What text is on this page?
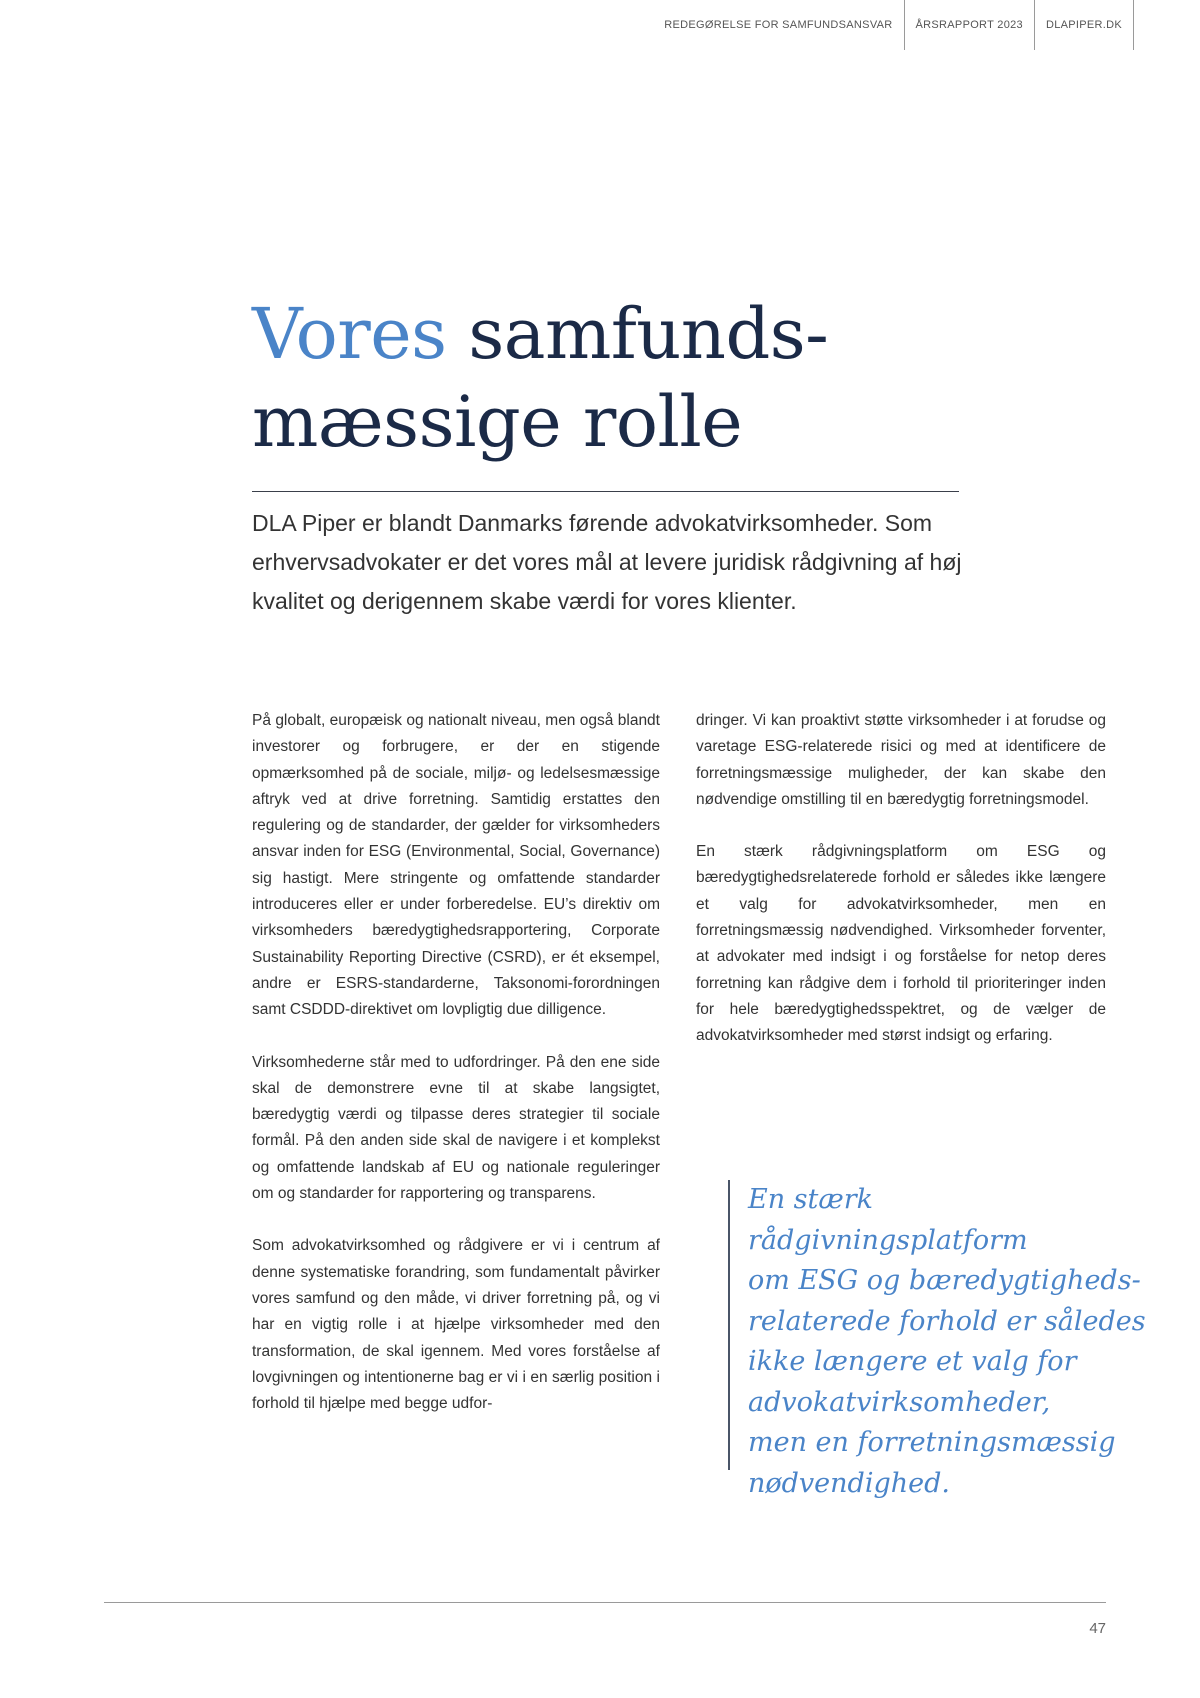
REDEGØRELSE FOR SAMFUNDSANSVAR	ÅRSRAPPORT 2023	DLAPIPER.DK
Vores samfunds-mæssige rolle

DLA Piper er blandt Danmarks førende advokatvirksomheder. Som erhvervsadvokater er det vores mål at levere juridisk rådgivning af høj kvalitet og derigennem skabe værdi for vores klienter.

På globalt, europæisk og nationalt niveau, men også blandt investorer og forbrugere, er der en stigende opmærksomhed på de sociale, miljø- og ledelsesmæssige aftryk ved at drive forretning. Samtidig erstattes den regulering og de standarder, der gælder for virksomheders ansvar inden for ESG (Environmental, Social, Governance) sig hastigt. Mere stringente og omfattende standarder introduceres eller er under forberedelse. EU’s direktiv om virksomheders bæredygtighedsrapportering, Corporate Sustainability Reporting Directive (CSRD), er ét eksempel, andre er ESRS-standarderne, Taksonomi-forordningen samt CSDDD-direktivet om lovpligtig due dilligence.

Virksomhederne står med to udfordringer. På den ene side skal de demonstrere evne til at skabe langsigtet, bæredygtig værdi og tilpasse deres strategier til sociale formål. På den anden side skal de navigere i et komplekst og omfattende landskab af EU og nationale reguleringer om og standarder for rapportering og transparens.

Som advokatvirksomhed og rådgivere er vi i centrum af denne systematiske forandring, som fundamentalt påvirker vores samfund og den måde, vi driver forretning på, og vi har en vigtig rolle i at hjælpe virksomheder med den transformation, de skal igennem. Med vores forståelse af lovgivningen og intentionerne bag er vi i en særlig position i forhold til hjælpe med begge udfor-

dringer. Vi kan proaktivt støtte virksomheder i at forudse og varetage ESG-relaterede risici og med at identificere de forretningsmæssige muligheder, der kan skabe den nødvendige omstilling til en bæredygtig forretningsmodel.

En stærk rådgivningsplatform om ESG og bæredygtighedsrelaterede forhold er således ikke længere et valg for advokatvirksomheder, men en forretningsmæssig nødvendighed. Virksomheder forventer, at advokater med indsigt i og forståelse for netop deres forretning kan rådgive dem i forhold til prioriteringer inden for hele bæredygtighedsspektret, og de vælger de advokatvirksomheder med størst indsigt og erfaring.

En stærk rådgivningsplatform
om ESG og bæredygtigheds-
relaterede forhold er således
ikke længere et valg for
advokatvirksomheder,
men en forretningsmæssig
nødvendighed.

47
